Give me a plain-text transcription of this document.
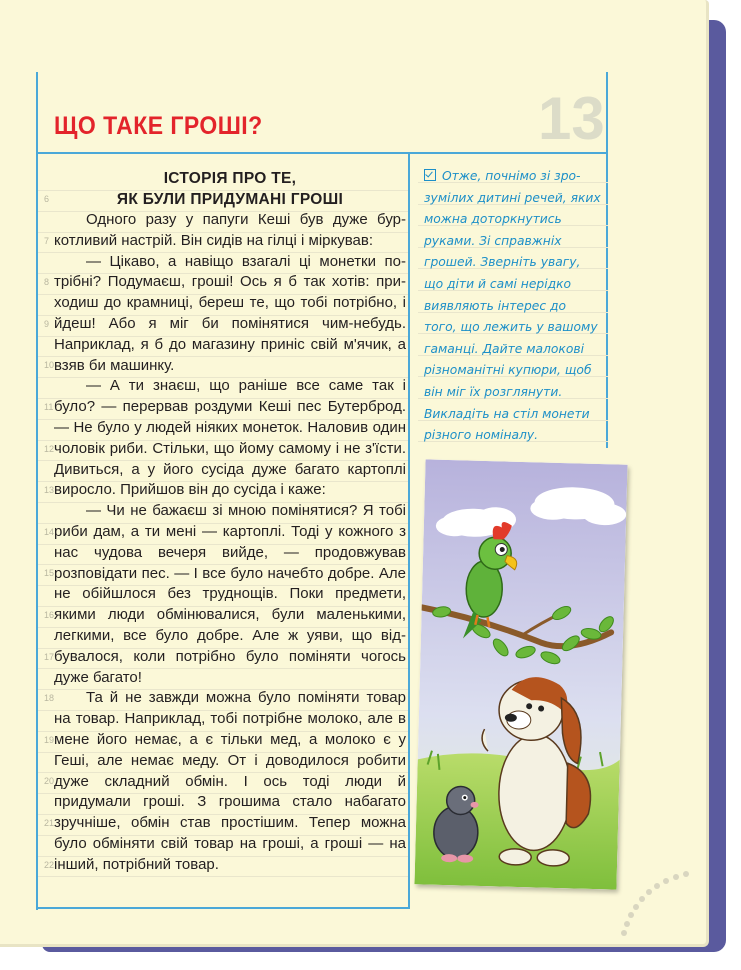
ЩО ТАКЕ ГРОШІ?	13
6
7
8
9
10
11
12
13
14
15
16
17
18
19
20
21
22
ІСТОРІЯ ПРО ТЕ,
ЯК БУЛИ ПРИДУМАНІ ГРОШІ

Одного разу у папуги Кеші був дуже буркотливий настрій. Він сидів на гілці і міркував:

— Цікаво, а навіщо взагалі ці монетки потрібні? Подумаєш, гроші! Ось я б так хотів: приходиш до крамниці, береш те, що тобі потрібно, і йдеш! Або я міг би помінятися чим-небудь. Наприклад, я б до магазину приніс свій м'ячик, а взяв би машинку.

— А ти знаєш, що раніше все саме так і було? — перервав роздуми Кеші пес Бутерброд. — Не було у людей ніяких монеток. Наловив один чоловік риби. Стільки, що йому самому і не з'їсти. Дивиться, а у його сусіда дуже багато картоплі виросло. Прийшов він до сусіда і каже:

— Чи не бажаєш зі мною помінятися? Я тобі риби дам, а ти мені — картоплі. Тоді у кожного з нас чудова вечеря вийде, — продовжував розповідати пес. — І все було начебто добре. Але не обійшлося без труднощів. Поки предмети, якими люди обмінювалися, були маленькими, легкими, все було добре. Але ж уяви, що відбувалося, коли потрібно було поміняти чогось дуже багато!

Та й не завжди можна було поміняти товар на товар. Наприклад, тобі потрібне молоко, але в мене його немає, а є тільки мед, а молоко є у Геші, але немає меду. От і доводилося робити дуже складний обмін. І ось тоді люди й придумали гроші. З грошима стало набагато зручніше, обмін став простішим. Тепер можна було обміняти свій товар на гроші, а гроші — на інший, потрібний товар.

Отже, почнімо зі зрозумілих дитині речей, яких можна доторкнутись руками. Зі справжніх грошей. Зверніть увагу, що діти й самі нерідко виявляють інтерес до того, що лежить у вашому гаманці. Дайте малокові різноманітні купюри, щоб він міг їх розглянути. Викладіть на стіл монети різного номіналу.
